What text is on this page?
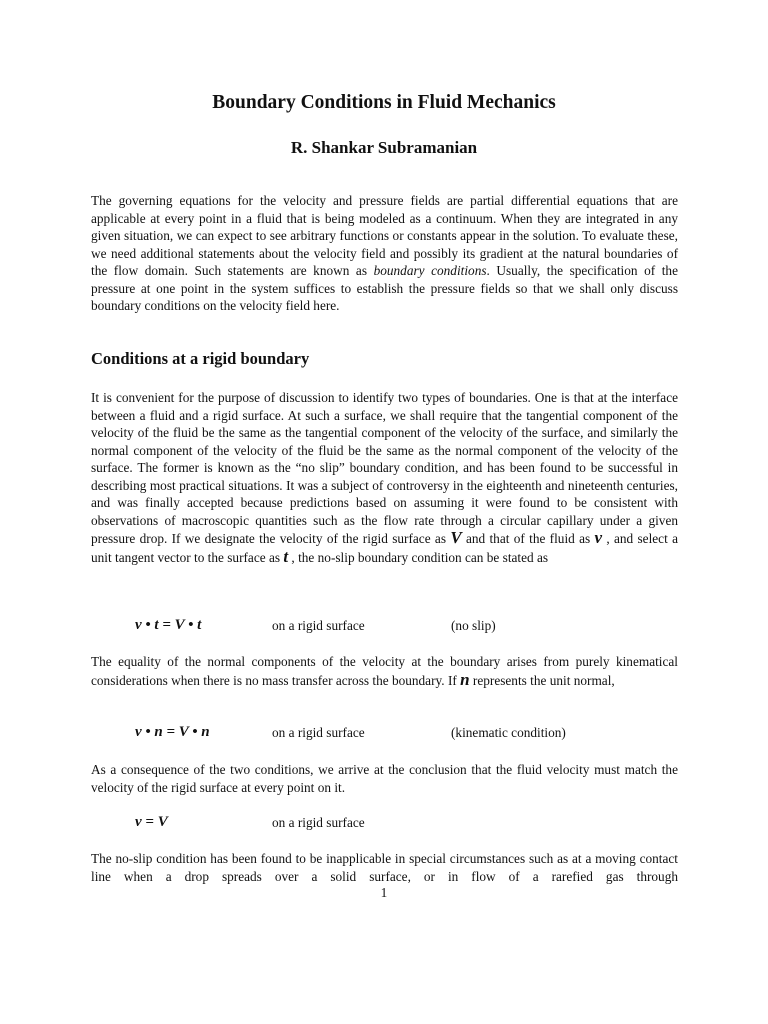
Boundary Conditions in Fluid Mechanics
R. Shankar Subramanian

The governing equations for the velocity and pressure fields are partial differential equations that are applicable at every point in a fluid that is being modeled as a continuum. When they are integrated in any given situation, we can expect to see arbitrary functions or constants appear in the solution. To evaluate these, we need additional statements about the velocity field and possibly its gradient at the natural boundaries of the flow domain. Such statements are known as boundary conditions. Usually, the specification of the pressure at one point in the system suffices to establish the pressure fields so that we shall only discuss boundary conditions on the velocity field here.

Conditions at a rigid boundary

It is convenient for the purpose of discussion to identify two types of boundaries. One is that at the interface between a fluid and a rigid surface. At such a surface, we shall require that the tangential component of the velocity of the fluid be the same as the tangential component of the velocity of the surface, and similarly the normal component of the velocity of the fluid be the same as the normal component of the velocity of the surface. The former is known as the “no slip” boundary condition, and has been found to be successful in describing most practical situations. It was a subject of controversy in the eighteenth and nineteenth centuries, and was finally accepted because predictions based on assuming it were found to be consistent with observations of macroscopic quantities such as the flow rate through a circular capillary under a given pressure drop. If we designate the velocity of the rigid surface as V and that of the fluid as v , and select a unit tangent vector to the surface as t , the no-slip boundary condition can be stated as

v • t = V • t	on a rigid surface	(no slip)

The equality of the normal components of the velocity at the boundary arises from purely kinematical considerations when there is no mass transfer across the boundary. If n represents the unit normal,

v • n = V • n	on a rigid surface	(kinematic condition)

As a consequence of the two conditions, we arrive at the conclusion that the fluid velocity must match the velocity of the rigid surface at every point on it.

v = V	on a rigid surface

The no-slip condition has been found to be inapplicable in special circumstances such as at a moving contact line when a drop spreads over a solid surface, or in flow of a rarefied gas through

1
